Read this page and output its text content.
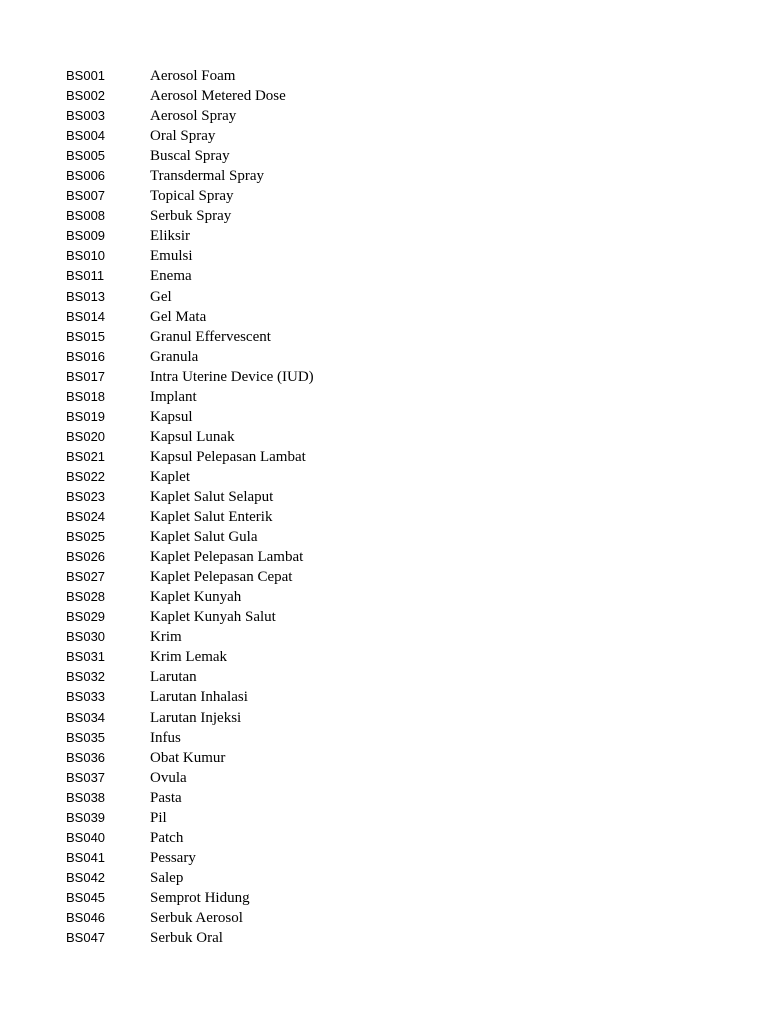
BS001	Aerosol Foam
BS002	Aerosol Metered Dose
BS003	Aerosol Spray
BS004	Oral Spray
BS005	Buscal Spray
BS006	Transdermal Spray
BS007	Topical Spray
BS008	Serbuk Spray
BS009	Eliksir
BS010	Emulsi
BS011	Enema
BS013	Gel
BS014	Gel Mata
BS015	Granul Effervescent
BS016	Granula
BS017	Intra Uterine Device (IUD)
BS018	Implant
BS019	Kapsul
BS020	Kapsul Lunak
BS021	Kapsul Pelepasan Lambat
BS022	Kaplet
BS023	Kaplet Salut Selaput
BS024	Kaplet Salut Enterik
BS025	Kaplet Salut Gula
BS026	Kaplet Pelepasan Lambat
BS027	Kaplet Pelepasan Cepat
BS028	Kaplet Kunyah
BS029	Kaplet Kunyah Salut
BS030	Krim
BS031	Krim Lemak
BS032	Larutan
BS033	Larutan Inhalasi
BS034	Larutan Injeksi
BS035	Infus
BS036	Obat Kumur
BS037	Ovula
BS038	Pasta
BS039	Pil
BS040	Patch
BS041	Pessary
BS042	Salep
BS045	Semprot Hidung
BS046	Serbuk Aerosol
BS047	Serbuk Oral
